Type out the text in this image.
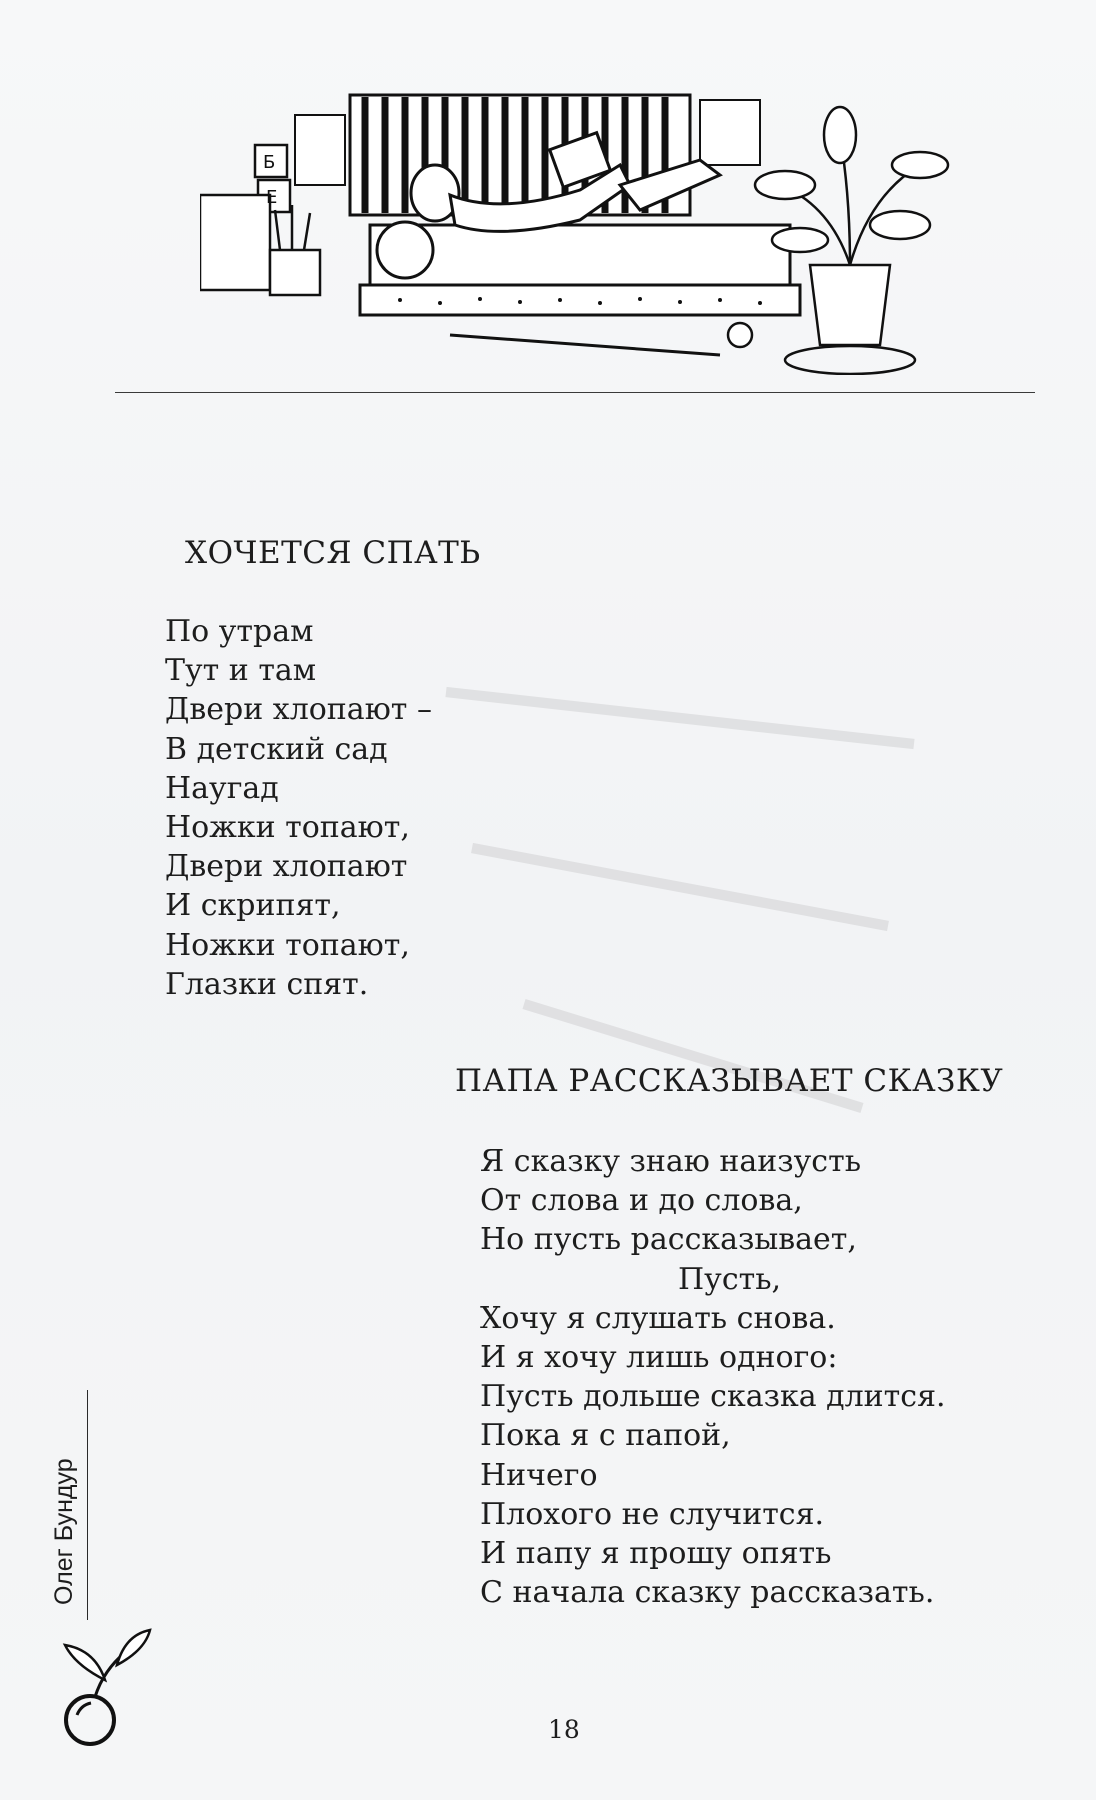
Б
Е
ХОЧЕТСЯ СПАТЬ
По утрам
Тут и там
Двери хлопают –
В детский сад
Наугад
Ножки топают,
Двери хлопают
И скрипят,
Ножки топают,
Глазки спят.
ПАПА РАССКАЗЫВАЕТ СКАЗКУ
Я сказку знаю наизусть
От слова и до слова,
Но пусть рассказывает,
Пусть,
Хочу я слушать снова.
И я хочу лишь одного:
Пусть дольше сказка длится.
Пока я с папой,
Ничего
Плохого не случится.
И папу я прошу опять
С начала сказку рассказать.
Олег Бундур
18
